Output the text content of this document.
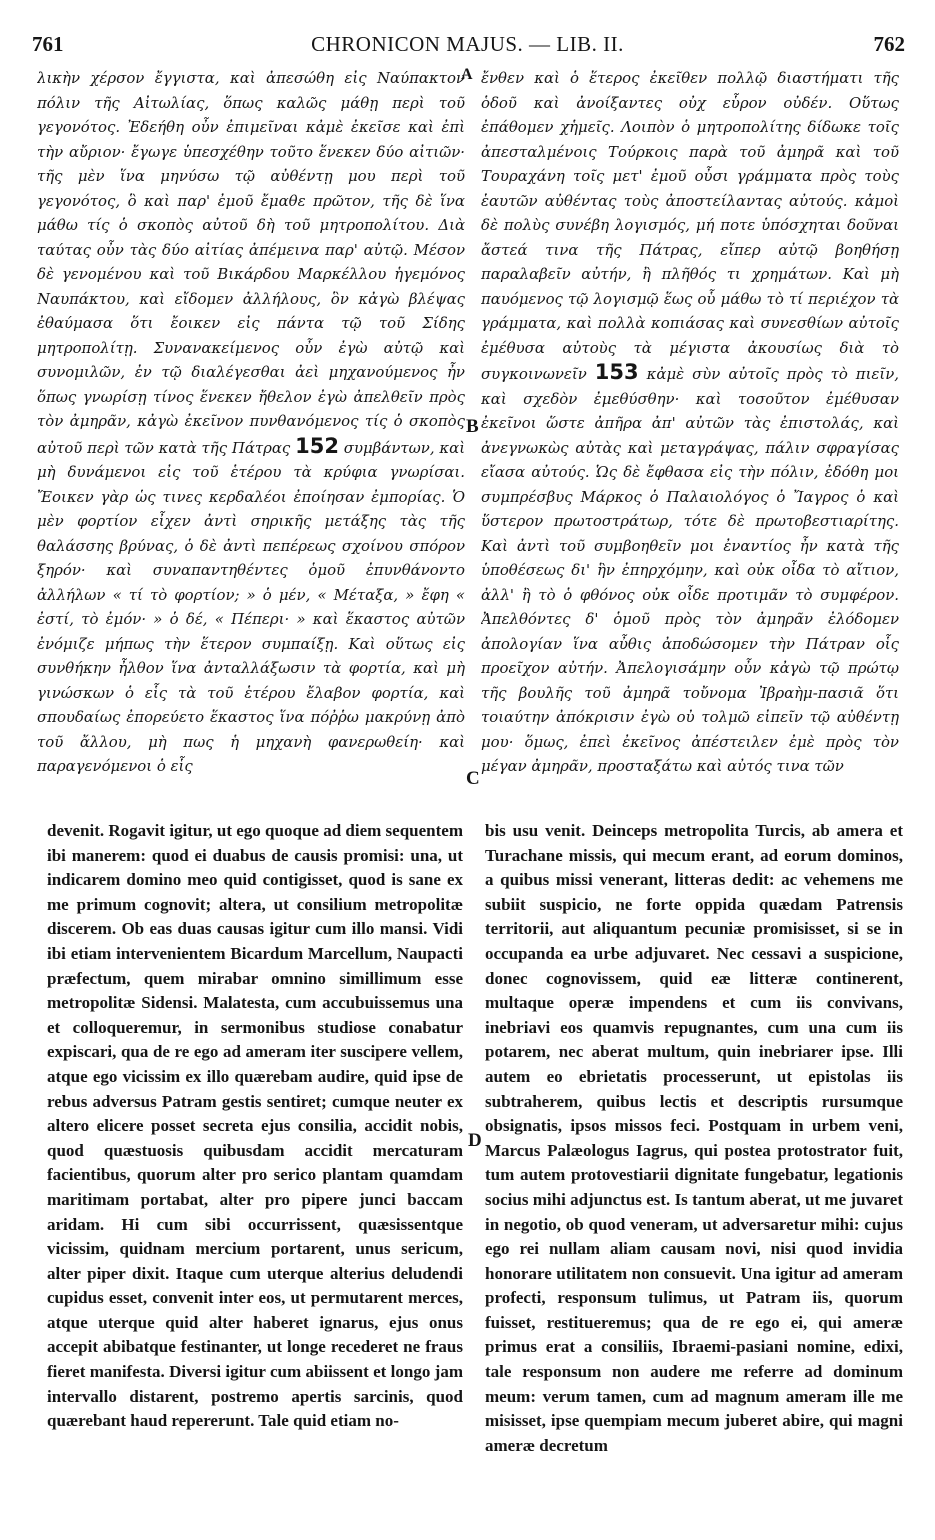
761	CHRONICON MAJUS. — LIB. II.	762

λικὴν χέρσον ἔγγιστα, καὶ ἀπεσώθη εἰς Ναύπακτον πόλιν τῆς Αἰτωλίας, ὅπως καλῶς μάθῃ περὶ τοῦ γεγονότος. Ἐδεήθη οὖν ἐπιμεῖναι κἀμὲ ἐκεῖσε καὶ ἐπὶ τὴν αὔριον· ἔγωγε ὑπεσχέθην τοῦτο ἕνεκεν δύο αἰτιῶν· τῆς μὲν ἵνα μηνύσω τῷ αὐθέντῃ μου περὶ τοῦ γεγονότος, ὃ καὶ παρ' ἐμοῦ ἔμαθε πρῶτον, τῆς δὲ ἵνα μάθω τίς ὁ σκοπὸς αὐτοῦ δὴ τοῦ μητροπολίτου. Διὰ ταύτας οὖν τὰς δύο αἰτίας ἀπέμεινα παρ' αὐτῷ. Μέσον δὲ γενομένου καὶ τοῦ Βικάρδου Μαρκέλλου ἡγεμόνος Ναυπάκτου, καὶ εἴδομεν ἀλλήλους, ὃν κἀγὼ βλέψας ἐθαύμασα ὅτι ἔοικεν εἰς πάντα τῷ τοῦ Σίδης μητροπολίτῃ. Συνανακείμενος οὖν ἐγὼ αὐτῷ καὶ συνομιλῶν, ἐν τῷ διαλέγεσθαι ἀεὶ μηχανούμενος ἦν ὅπως γνωρίσῃ τίνος ἕνεκεν ἤθελον ἐγὼ ἀπελθεῖν πρὸς τὸν ἀμηρᾶν, κἀγὼ ἐκεῖνον πυνθανόμενος τίς ὁ σκοπὸς αὐτοῦ περὶ τῶν κατὰ τῆς Πάτρας 152 συμβάντων, καὶ μὴ δυνάμενοι εἰς τοῦ ἑτέρου τὰ κρύφια γνωρίσαι. Ἔοικεν γὰρ ὡς τινες κερδαλέοι ἐποίησαν ἐμπορίας. Ὁ μὲν φορτίον εἶχεν ἀντὶ σηρικῆς μετάξης τὰς τῆς θαλάσσης βρύνας, ὁ δὲ ἀντὶ πεπέρεως σχοίνου σπόρον ξηρόν· καὶ συναπαντηθέντες ὁμοῦ ἐπυνθάνοντο ἀλλήλων « τί τὸ φορτίον; » ὁ μέν, « Μέταξα, » ἔφη « ἐστί, τὸ ἐμόν· » ὁ δέ, « Πέπερι· » καὶ ἕκαστος αὐτῶν ἐνόμιζε μήπως τὴν ἕτερον συμπαίξῃ. Καὶ οὕτως εἰς συνθήκην ἦλθον ἵνα ἀνταλλάξωσιν τὰ φορτία, καὶ μὴ γινώσκων ὁ εἷς τὰ τοῦ ἑτέρου ἔλαβον φορτία, καὶ σπουδαίως ἐπορεύετο ἕκαστος ἵνα πόῤῥω μακρύνῃ ἀπὸ τοῦ ἄλλου, μὴ πως ἡ μηχανὴ φανερωθείη· καὶ παραγενόμενοι ὁ εἷς

ἔνθεν καὶ ὁ ἕτερος ἐκεῖθεν πολλῷ διαστήματι τῆς ὁδοῦ καὶ ἀνοίξαντες οὐχ εὗρον οὐδέν. Οὕτως ἐπάθομεν χἡμεῖς. Λοιπὸν ὁ μητροπολίτης δίδωκε τοῖς ἀπεσταλμένοις Τούρκοις παρὰ τοῦ ἀμηρᾶ καὶ τοῦ Τουραχάνη τοῖς μετ' ἐμοῦ οὖσι γράμματα πρὸς τοὺς ἑαυτῶν αὐθέντας τοὺς ἀποστείλαντας αὐτούς. κἀμοὶ δὲ πολὺς συνέβη λογισμός, μή ποτε ὑπόσχηται δοῦναι ἄστεά τινα τῆς Πάτρας, εἴπερ αὐτῷ βοηθήσῃ παραλαβεῖν αὐτήν, ἢ πλῆθός τι χρημάτων. Καὶ μὴ παυόμενος τῷ λογισμῷ ἕως οὗ μάθω τὸ τί περιέχον τὰ γράμματα, καὶ πολλὰ κοπιάσας καὶ συνεσθίων αὐτοῖς ἐμέθυσα αὐτοὺς τὰ μέγιστα ἀκουσίως διὰ τὸ συγκοινωνεῖν 153 κἀμὲ σὺν αὐτοῖς πρὸς τὸ πιεῖν, καὶ σχεδὸν ἐμεθύσθην· καὶ τοσοῦτον ἐμέθυσαν ἐκεῖνοι ὥστε ἀπῆρα ἀπ' αὐτῶν τὰς ἐπιστολάς, καὶ ἀνεγνωκὼς αὐτὰς καὶ μεταγράψας, πάλιν σφραγίσας εἴασα αὐτούς. Ὡς δὲ ἔφθασα εἰς τὴν πόλιν, ἐδόθη μοι συμπρέσβυς Μάρκος ὁ Παλαιολόγος ὁ Ἴαγρος ὁ καὶ ὕστερον πρωτοστράτωρ, τότε δὲ πρωτοβεστιαρίτης. Καὶ ἀντὶ τοῦ συμβοηθεῖν μοι ἐναντίος ἦν κατὰ τῆς ὑποθέσεως δι' ἣν ἐπηρχόμην, καὶ οὐκ οἶδα τὸ αἴτιον, ἀλλ' ἢ τὸ ὁ φθόνος οὐκ οἶδε προτιμᾶν τὸ συμφέρον. Ἀπελθόντες δ' ὁμοῦ πρὸς τὸν ἀμηρᾶν ἐλόδομεν ἀπολογίαν ἵνα αὖθις ἀποδώσομεν τὴν Πάτραν οἷς προεῖχον αὐτήν. Ἀπελογισάμην οὖν κἀγὼ τῷ πρώτῳ τῆς βουλῆς τοῦ ἀμηρᾶ τοὔνομα Ἰβραὴμ-πασιᾶ ὅτι τοιαύτην ἀπόκρισιν ἐγὼ οὐ τολμῶ εἰπεῖν τῷ αὐθέντῃ μου· ὅμως, ἐπεὶ ἐκεῖνος ἀπέστειλεν ἐμὲ πρὸς τὸν μέγαν ἀμηρᾶν, προσταξάτω καὶ αὐτός τινα τῶν

A
B
C
D

devenit. Rogavit igitur, ut ego quoque ad diem sequentem ibi manerem: quod ei duabus de causis promisi: una, ut indicarem domino meo quid contigisset, quod is sane ex me primum cognovit; altera, ut consilium metropolitæ discerem. Ob eas duas causas igitur cum illo mansi. Vidi ibi etiam intervenientem Bicardum Marcellum, Naupacti præfectum, quem mirabar omnino simillimum esse metropolitæ Sidensi. Malatesta, cum accubuissemus una et colloqueremur, in sermonibus studiose conabatur expiscari, qua de re ego ad ameram iter suscipere vellem, atque ego vicissim ex illo quærebam audire, quid ipse de rebus adversus Patram gestis sentiret; cumque neuter ex altero elicere posset secreta ejus consilia, accidit nobis, quod quæstuosis quibusdam accidit mercaturam facientibus, quorum alter pro serico plantam quamdam maritimam portabat, alter pro pipere junci baccam aridam. Hi cum sibi occurrissent, quæsissentque vicissim, quidnam mercium portarent, unus sericum, alter piper dixit. Itaque cum uterque alterius deludendi cupidus esset, convenit inter eos, ut permutarent merces, atque uterque quid alter haberet ignarus, ejus onus accepit abibatque festinanter, ut longe recederet ne fraus fieret manifesta. Diversi igitur cum abiissent et longo jam intervallo distarent, postremo apertis sarcinis, quod quærebant haud repererunt. Tale quid etiam no-

bis usu venit. Deinceps metropolita Turcis, ab amera et Turachane missis, qui mecum erant, ad eorum dominos, a quibus missi venerant, litteras dedit: ac vehemens me subiit suspicio, ne forte oppida quædam Patrensis territorii, aut aliquantum pecuniæ promisisset, si se in occupanda ea urbe adjuvaret. Nec cessavi a suspicione, donec cognovissem, quid eæ litteræ continerent, multaque operæ impendens et cum iis convivans, inebriavi eos quamvis repugnantes, cum una cum iis potarem, nec aberat multum, quin inebriarer ipse. Illi autem eo ebrietatis processerunt, ut epistolas iis subtraherem, quibus lectis et descriptis rursumque obsignatis, ipsos missos feci. Postquam in urbem veni, Marcus Palæologus Iagrus, qui postea protostrator fuit, tum autem protovestiarii dignitate fungebatur, legationis socius mihi adjunctus est. Is tantum aberat, ut me juvaret in negotio, ob quod veneram, ut adversaretur mihi: cujus ego rei nullam aliam causam novi, nisi quod invidia honorare utilitatem non consuevit. Una igitur ad ameram profecti, responsum tulimus, ut Patram iis, quorum fuisset, restitueremus; qua de re ego ei, qui ameræ primus erat a consiliis, Ibraemi-pasiani nomine, edixi, tale responsum non audere me referre ad dominum meum: verum tamen, cum ad magnum ameram ille me misisset, ipse quempiam mecum juberet abire, qui magni ameræ decretum
